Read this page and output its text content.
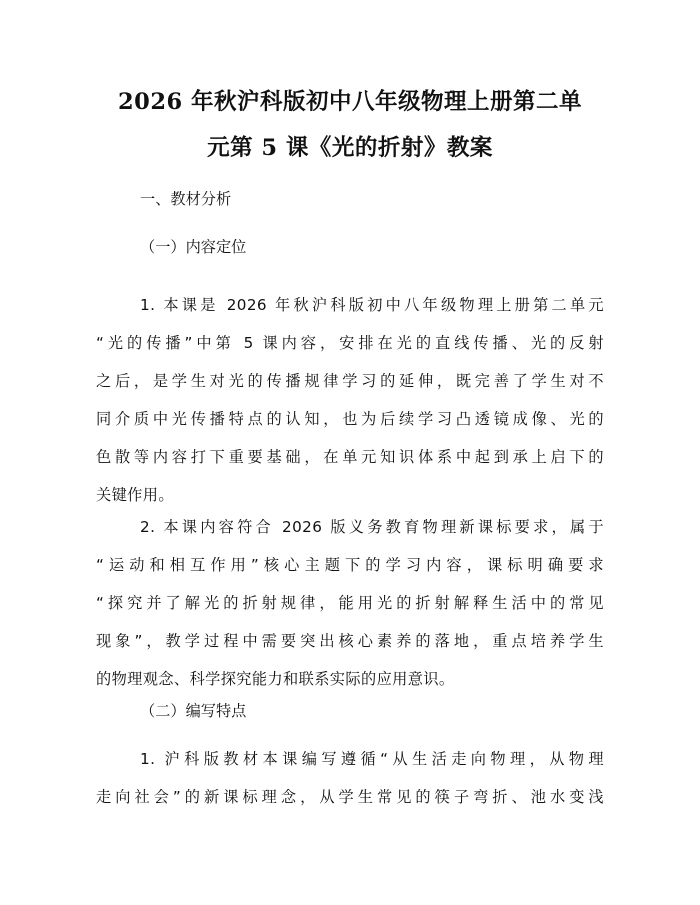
2026 年秋沪科版初中八年级物理上册第二单
元第 5 课《光的折射》教案
一、教材分析
（一）内容定位

1. 本课是 2026 年秋沪科版初中八年级物理上册第二单元
“光的传播”中第 5 课内容，安排在光的直线传播、光的反射
之后，是学生对光的传播规律学习的延伸，既完善了学生对不
同介质中光传播特点的认知，也为后续学习凸透镜成像、光的
色散等内容打下重要基础，在单元知识体系中起到承上启下的
关键作用。

2. 本课内容符合 2026 版义务教育物理新课标要求，属于
“运动和相互作用”核心主题下的学习内容，课标明确要求
“探究并了解光的折射规律，能用光的折射解释生活中的常见
现象”，教学过程中需要突出核心素养的落地，重点培养学生
的物理观念、科学探究能力和联系实际的应用意识。

（二）编写特点

1. 沪科版教材本课编写遵循“从生活走向物理，从物理
走向社会”的新课标理念，从学生常见的筷子弯折、池水变浅
